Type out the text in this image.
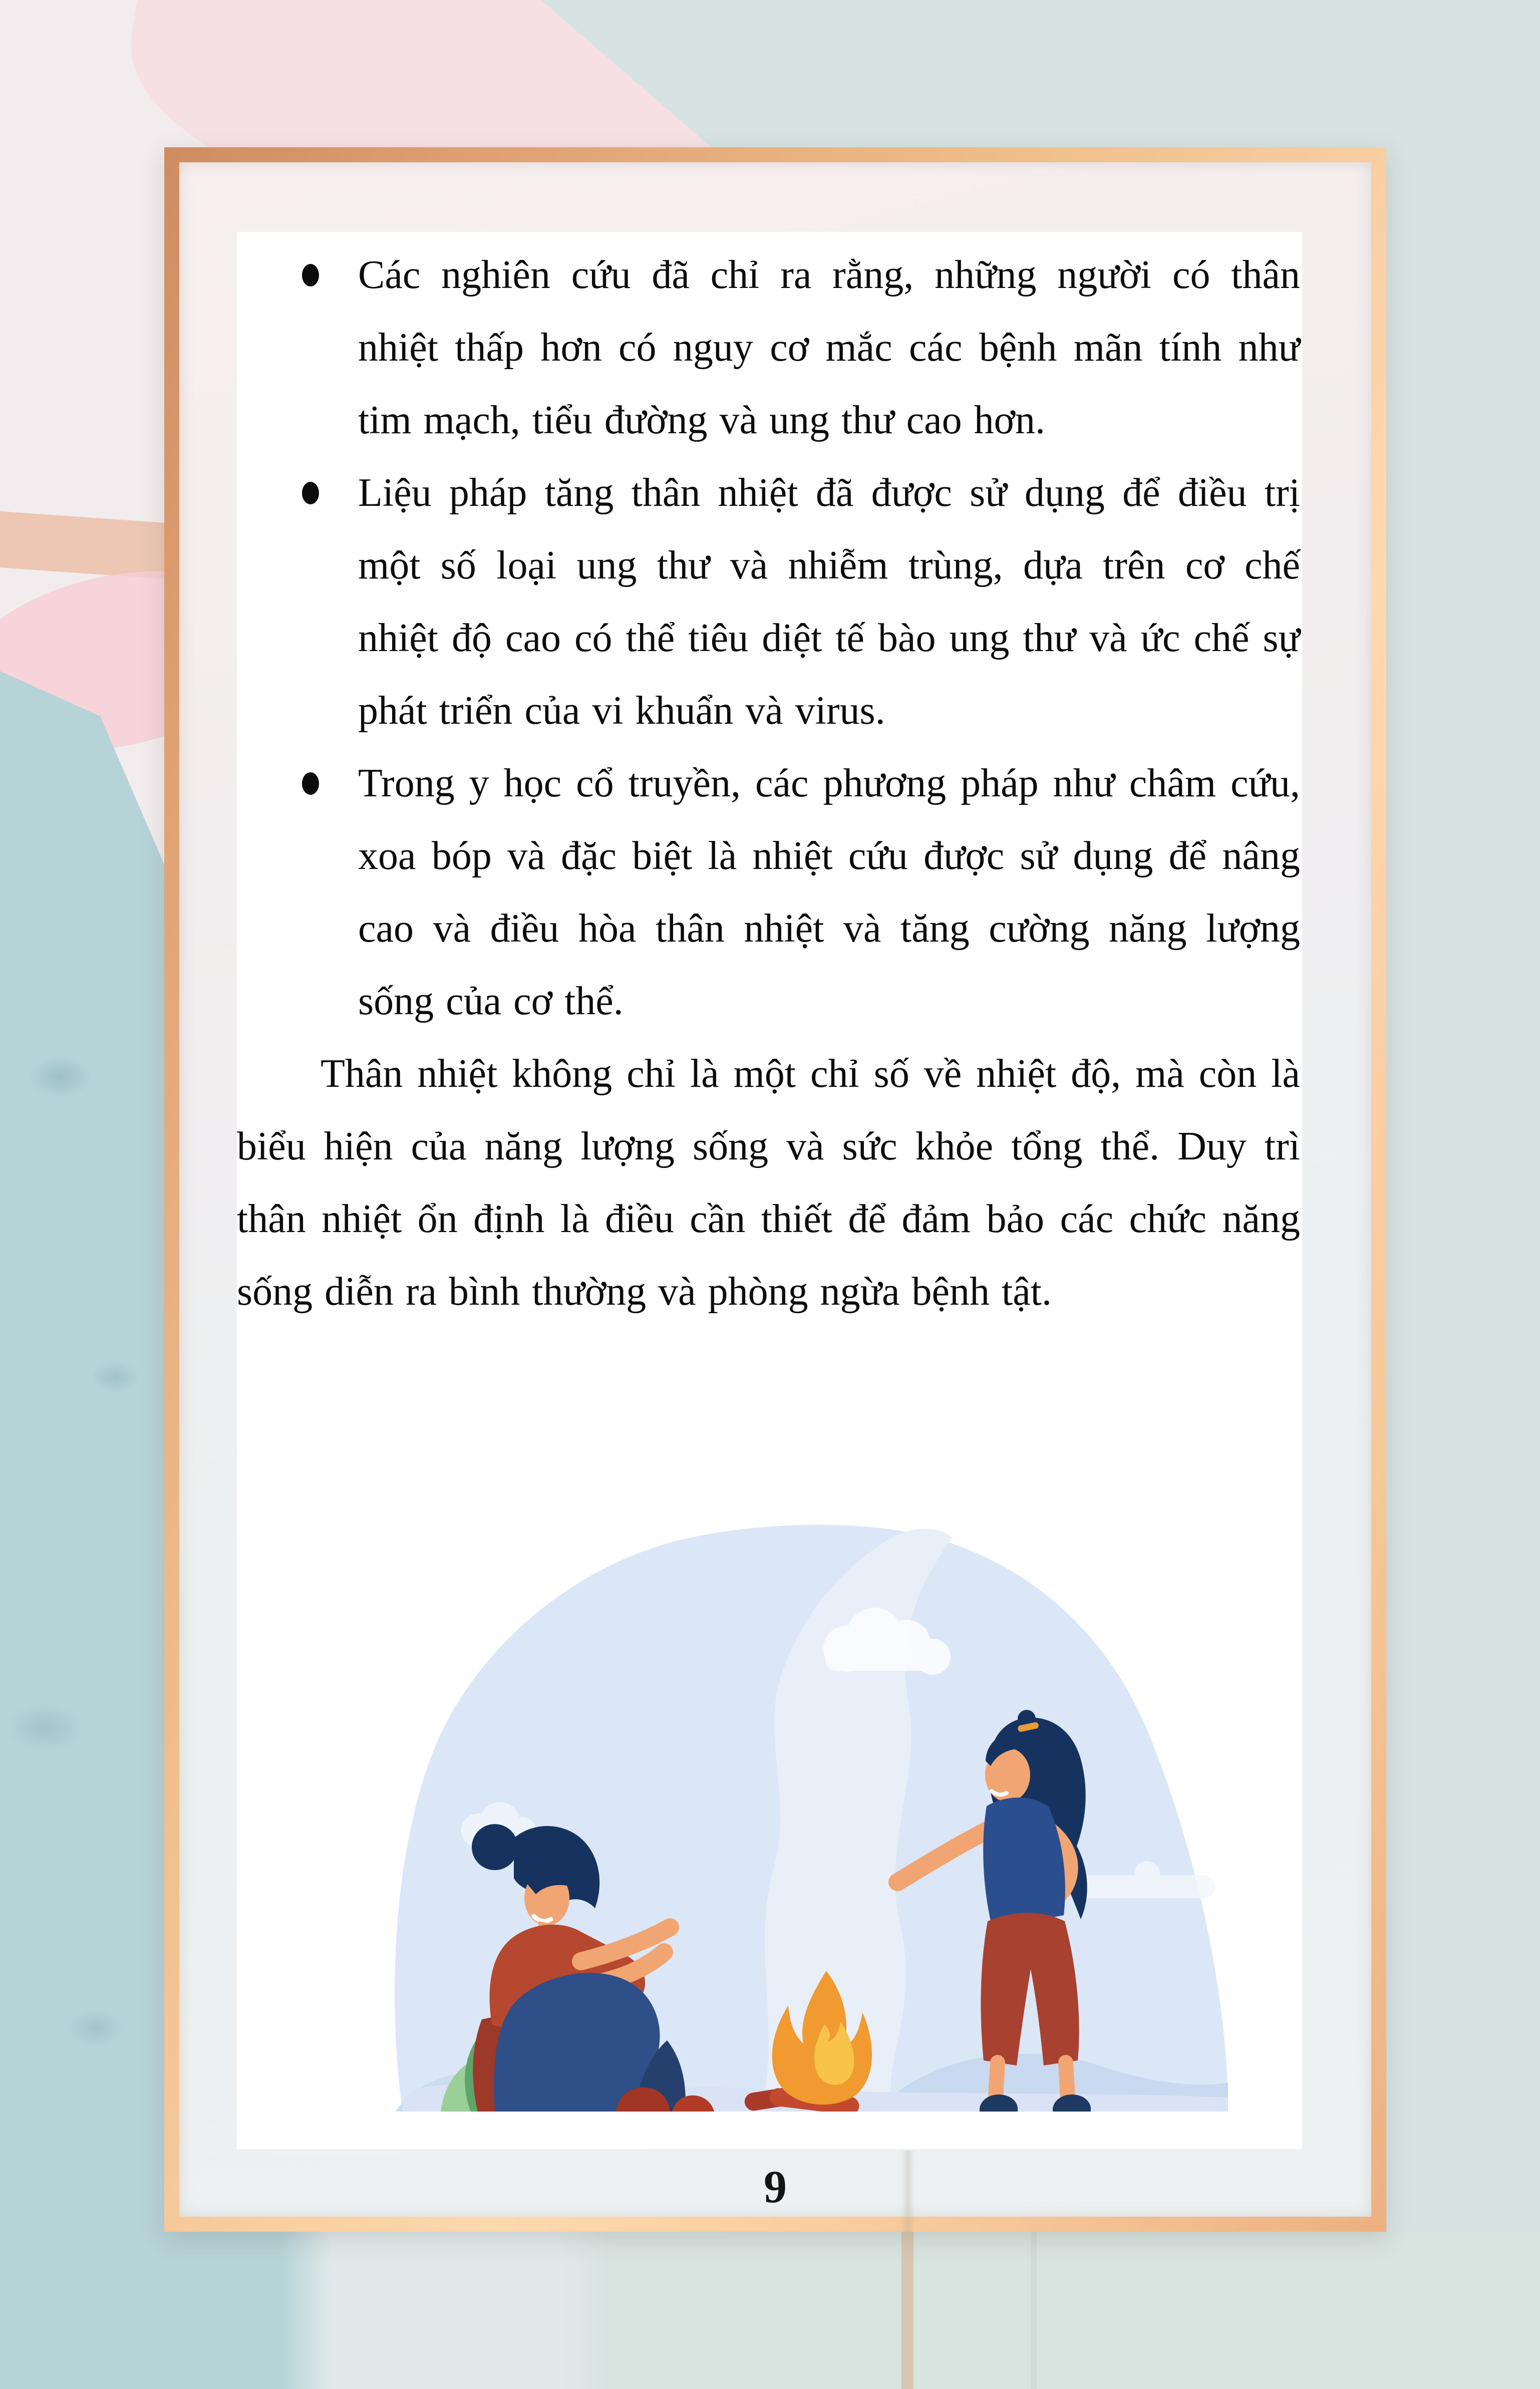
Các nghiên cứu đã chỉ ra rằng, những người có thân nhiệt thấp hơn có nguy cơ mắc các bệnh mãn tính như tim mạch, tiểu đường và ung thư cao hơn.
Liệu pháp tăng thân nhiệt đã được sử dụng để điều trị một số loại ung thư và nhiễm trùng, dựa trên cơ chế nhiệt độ cao có thể tiêu diệt tế bào ung thư và ức chế sự phát triển của vi khuẩn và virus.
Trong y học cổ truyền, các phương pháp như châm cứu, xoa bóp và đặc biệt là nhiệt cứu được sử dụng để nâng cao và điều hòa thân nhiệt và tăng cường năng lượng sống của cơ thể.

Thân nhiệt không chỉ là một chỉ số về nhiệt độ, mà còn là biểu hiện của năng lượng sống và sức khỏe tổng thể. Duy trì thân nhiệt ổn định là điều cần thiết để đảm bảo các chức năng sống diễn ra bình thường và phòng ngừa bệnh tật.

9
